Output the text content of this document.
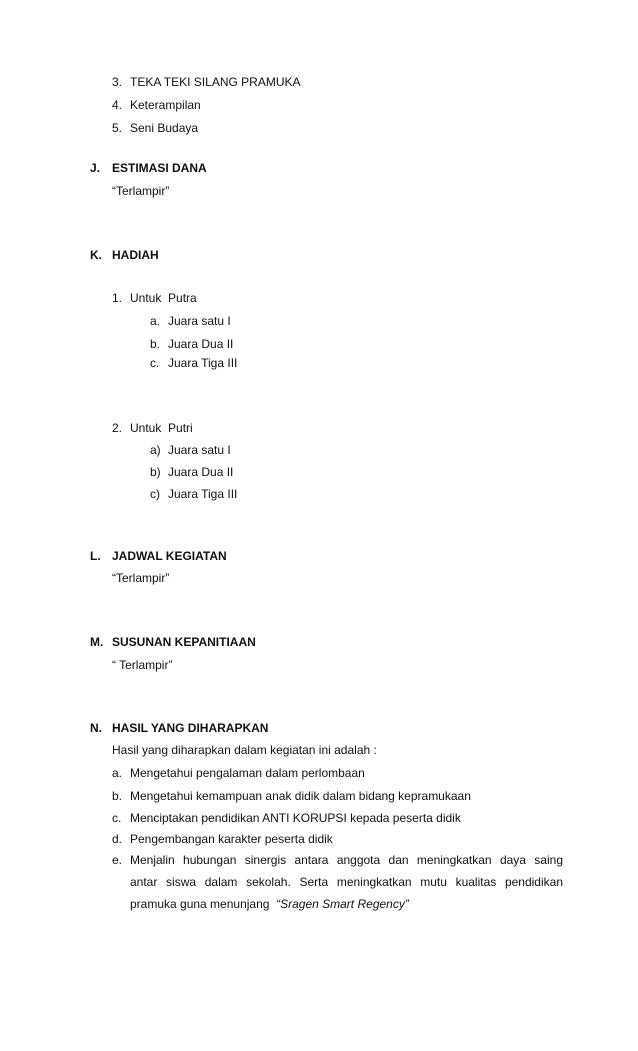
3. TEKA TEKI SILANG PRAMUKA
4. Keterampilan
5. Seni Budaya
J. ESTIMASI DANA
“Terlampir”
K. HADIAH
1. Untuk  Putra
a. Juara satu I
b. Juara Dua II
c. Juara Tiga III
2. Untuk  Putri
a) Juara satu I
b) Juara Dua II
c) Juara Tiga III
L. JADWAL KEGIATAN
“Terlampir”
M. SUSUNAN KEPANITIAAN
“ Terlampir”
N. HASIL YANG DIHARAPKAN
Hasil yang diharapkan dalam kegiatan ini adalah :
a. Mengetahui pengalaman dalam perlombaan
b. Mengetahui kemampuan anak didik dalam bidang kepramukaan
c. Menciptakan pendidikan ANTI KORUPSI kepada peserta didik
d. Pengembangan karakter peserta didik
e. Menjalin hubungan sinergis antara anggota dan meningkatkan daya saing
antar siswa dalam sekolah. Serta meningkatkan mutu kualitas pendidikan
pramuka guna menunjang “Sragen Smart Regency”
